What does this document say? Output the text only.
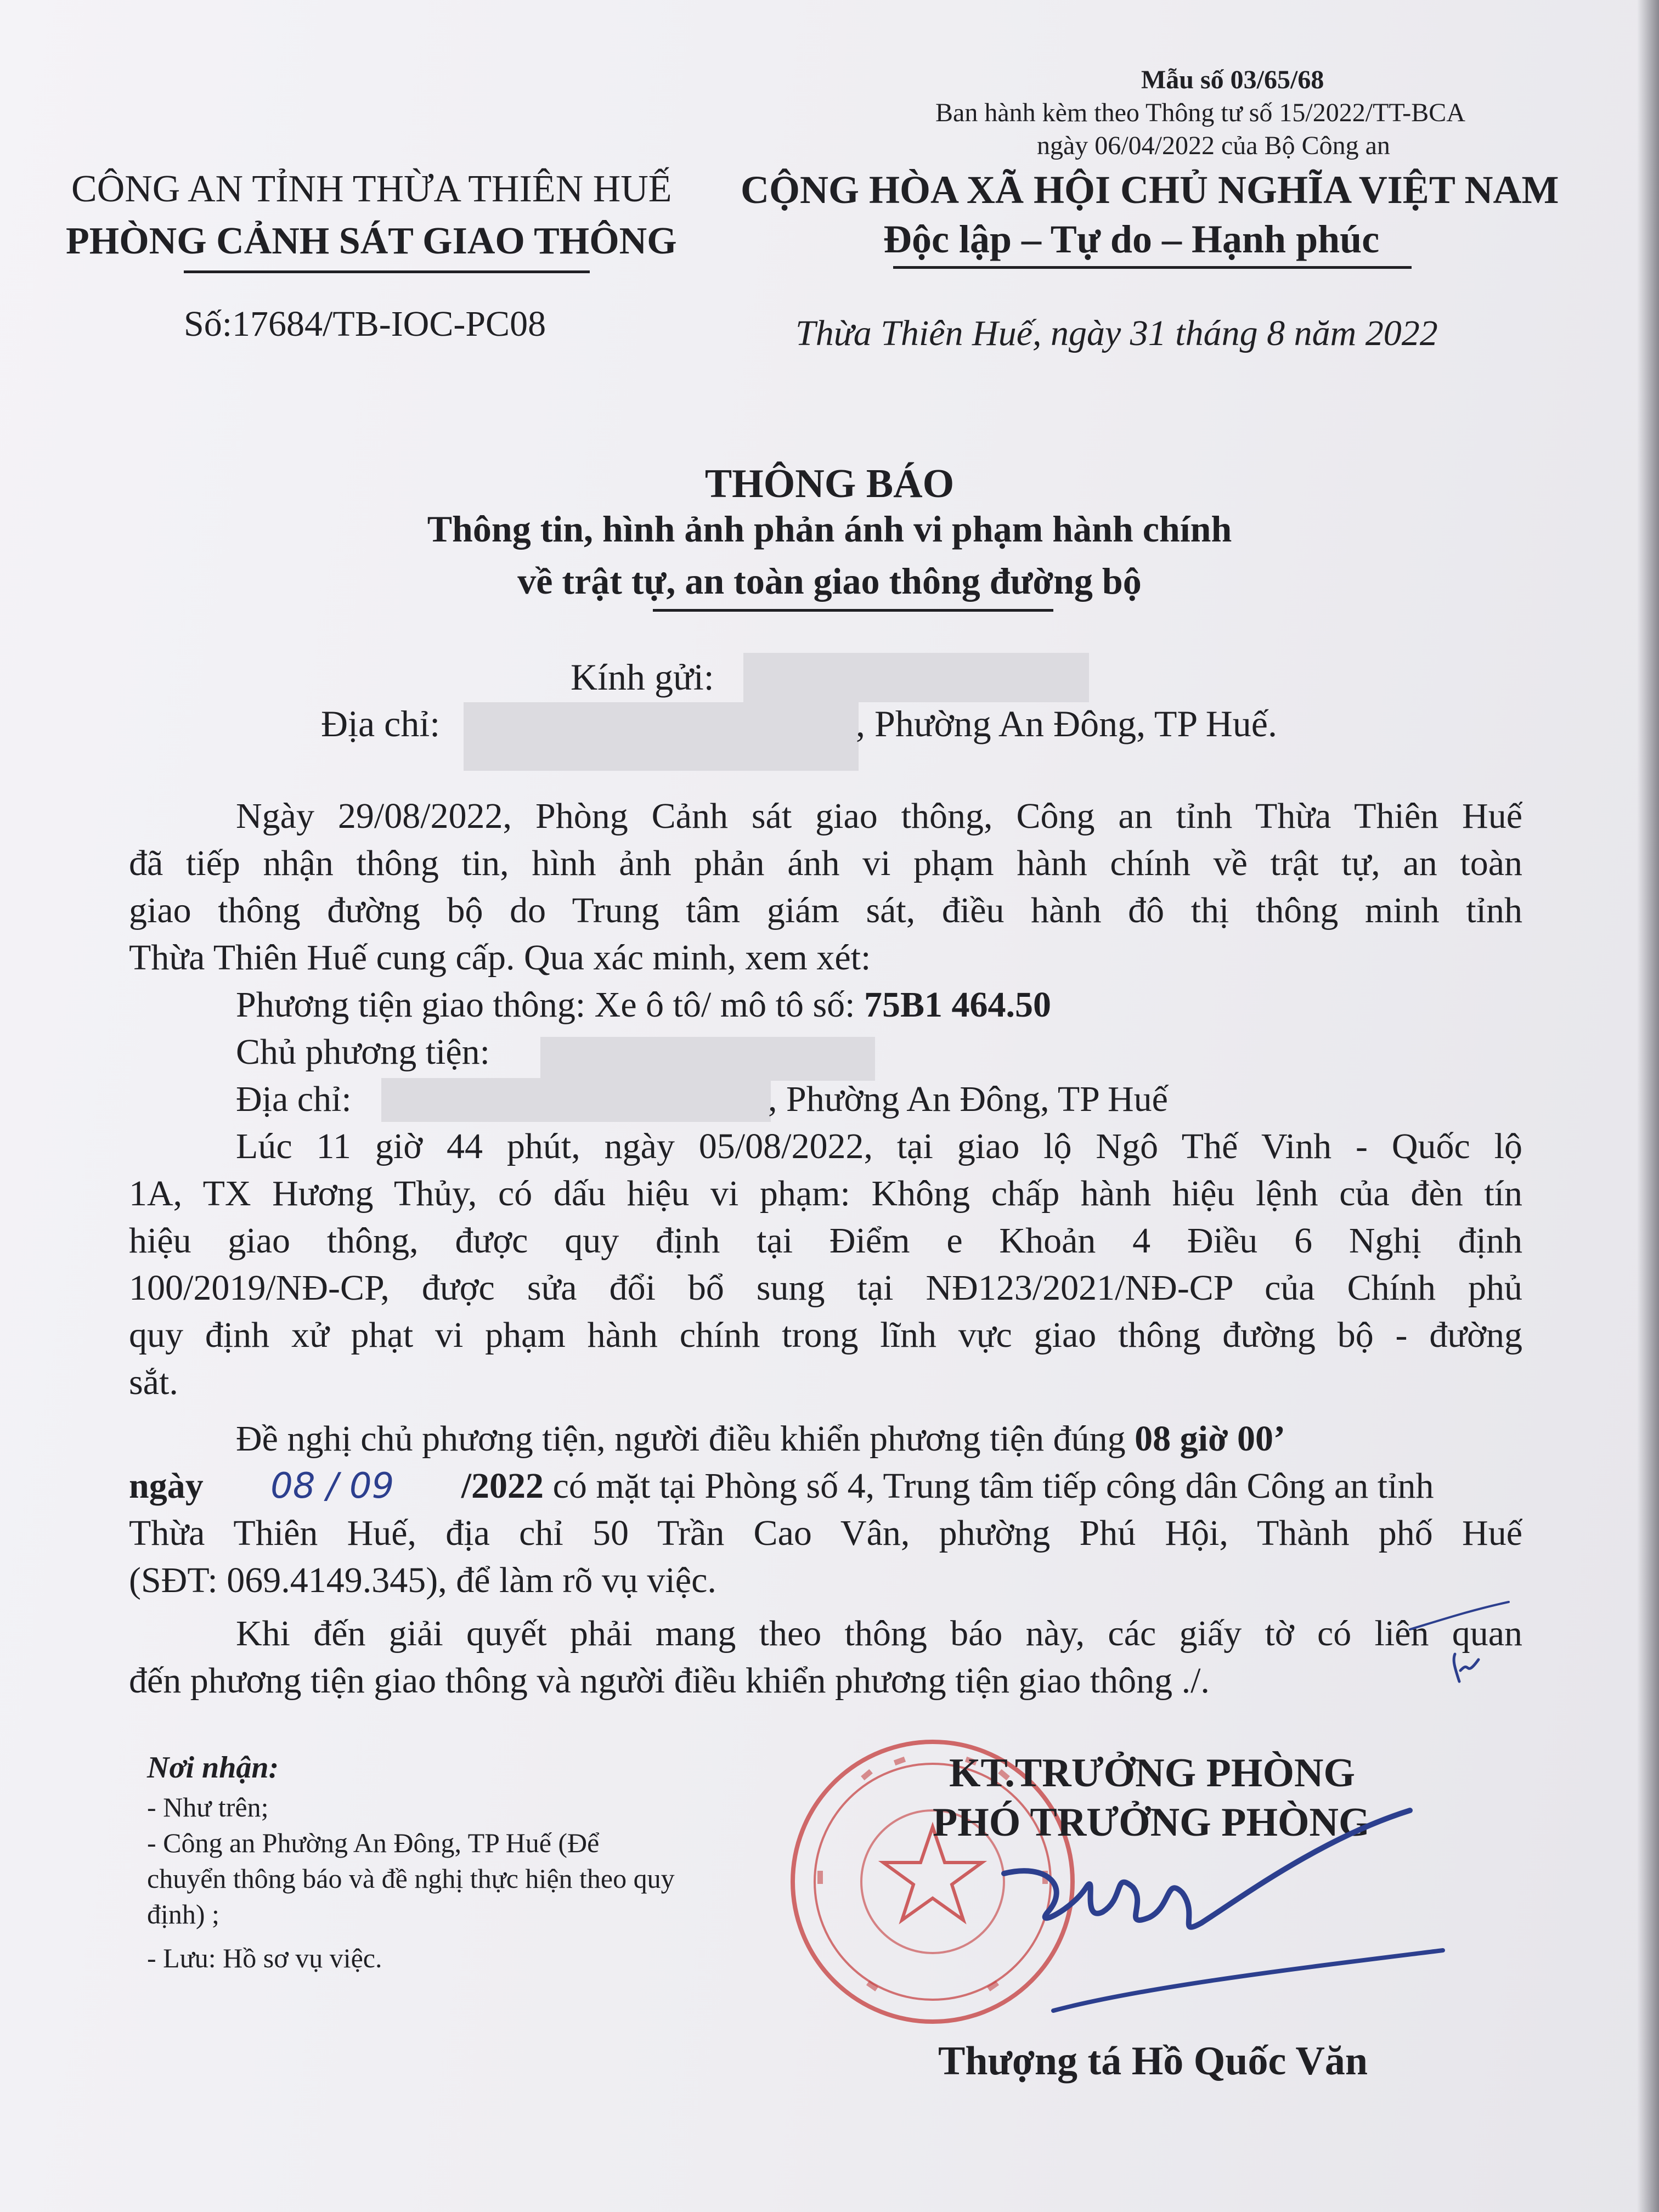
Mẫu số 03/65/68
Ban hành kèm theo Thông tư số 15/2022/TT-BCA
ngày 06/04/2022 của Bộ Công an
CÔNG AN TỈNH THỪA THIÊN HUẾ
PHÒNG CẢNH SÁT GIAO THÔNG
Số:17684/TB-IOC-PC08
CỘNG HÒA XÃ HỘI CHỦ NGHĨA VIỆT NAM
Độc lập – Tự do – Hạnh phúc
Thừa Thiên Huế, ngày 31 tháng 8 năm 2022
THÔNG BÁO
Thông tin, hình ảnh phản ánh vi phạm hành chính
về trật tự, an toàn giao thông đường bộ
Kính gửi:
Địa chỉ:	, Phường An Đông, TP Huế.
Ngày 29/08/2022, Phòng Cảnh sát giao thông, Công an tỉnh Thừa Thiên Huế
đã tiếp nhận thông tin, hình ảnh phản ánh vi phạm hành chính về trật tự, an toàn
giao thông đường bộ do Trung tâm giám sát, điều hành đô thị thông minh tỉnh
Thừa Thiên Huế cung cấp. Qua xác minh, xem xét:
Phương tiện giao thông: Xe ô tô/ mô tô số: 75B1 464.50
Chủ phương tiện:
Địa chỉ:	, Phường An Đông, TP Huế
Lúc 11 giờ 44 phút, ngày 05/08/2022, tại giao lộ Ngô Thế Vinh - Quốc lộ
1A, TX Hương Thủy, có dấu hiệu vi phạm: Không chấp hành hiệu lệnh của đèn tín
hiệu giao thông, được quy định tại Điểm e Khoản 4 Điều 6 Nghị định
100/2019/NĐ-CP, được sửa đổi bổ sung tại NĐ123/2021/NĐ-CP của Chính phủ
quy định xử phạt vi phạm hành chính trong lĩnh vực giao thông đường bộ - đường
sắt.
Đề nghị chủ phương tiện, người điều khiển phương tiện đúng 08 giờ 00’
ngày 08 / 09 /2022 có mặt tại Phòng số 4, Trung tâm tiếp công dân Công an tỉnh
Thừa Thiên Huế, địa chỉ 50 Trần Cao Vân, phường Phú Hội, Thành phố Huế
(SĐT: 069.4149.345), để làm rõ vụ việc.
Khi đến giải quyết phải mang theo thông báo này, các giấy tờ có liên quan
đến phương tiện giao thông và người điều khiển phương tiện giao thông ./.
Nơi nhận:
- Như trên;
- Công an Phường An Đông, TP Huế (Để
chuyển thông báo và đề nghị thực hiện theo quy
định) ;
- Lưu: Hồ sơ vụ việc.
KT.TRƯỞNG PHÒNG
PHÓ TRƯỞNG PHÒNG
Thượng tá Hồ Quốc Văn
